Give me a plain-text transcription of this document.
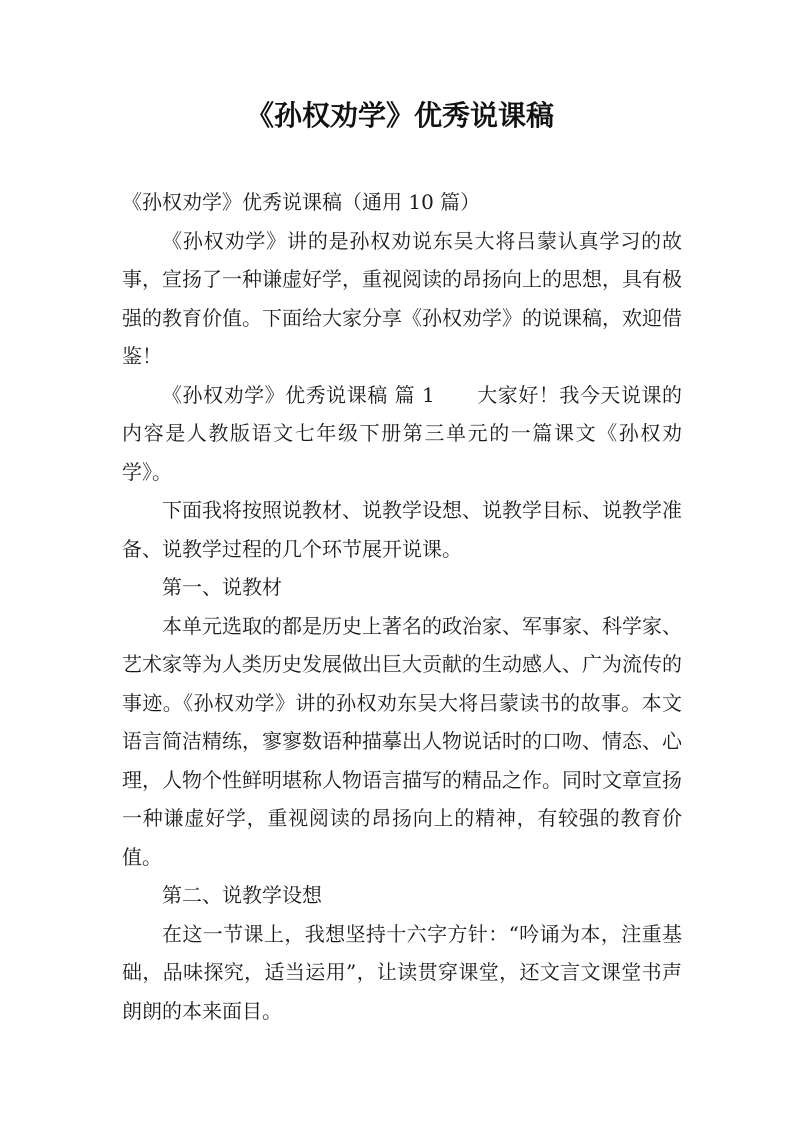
《孙权劝学》优秀说课稿

《孙权劝学》优秀说课稿（通用 10 篇）

《孙权劝学》讲的是孙权劝说东吴大将吕蒙认真学习的故事，宣扬了一种谦虚好学，重视阅读的昂扬向上的思想，具有极强的教育价值。下面给大家分享《孙权劝学》的说课稿，欢迎借鉴！

《孙权劝学》优秀说课稿 篇 1 大家好！我今天说课的内容是人教版语文七年级下册第三单元的一篇课文《孙权劝学》。

下面我将按照说教材、说教学设想、说教学目标、说教学准备、说教学过程的几个环节展开说课。

第一、说教材

本单元选取的都是历史上著名的政治家、军事家、科学家、艺术家等为人类历史发展做出巨大贡献的生动感人、广为流传的事迹。《孙权劝学》讲的孙权劝东吴大将吕蒙读书的故事。本文语言简洁精练，寥寥数语种描摹出人物说话时的口吻、情态、心理，人物个性鲜明堪称人物语言描写的精品之作。同时文章宣扬一种谦虚好学，重视阅读的昂扬向上的精神，有较强的教育价值。

第二、说教学设想

在这一节课上，我想坚持十六字方针：“吟诵为本，注重基础，品味探究，适当运用”，让读贯穿课堂，还文言文课堂书声朗朗的本来面目。
